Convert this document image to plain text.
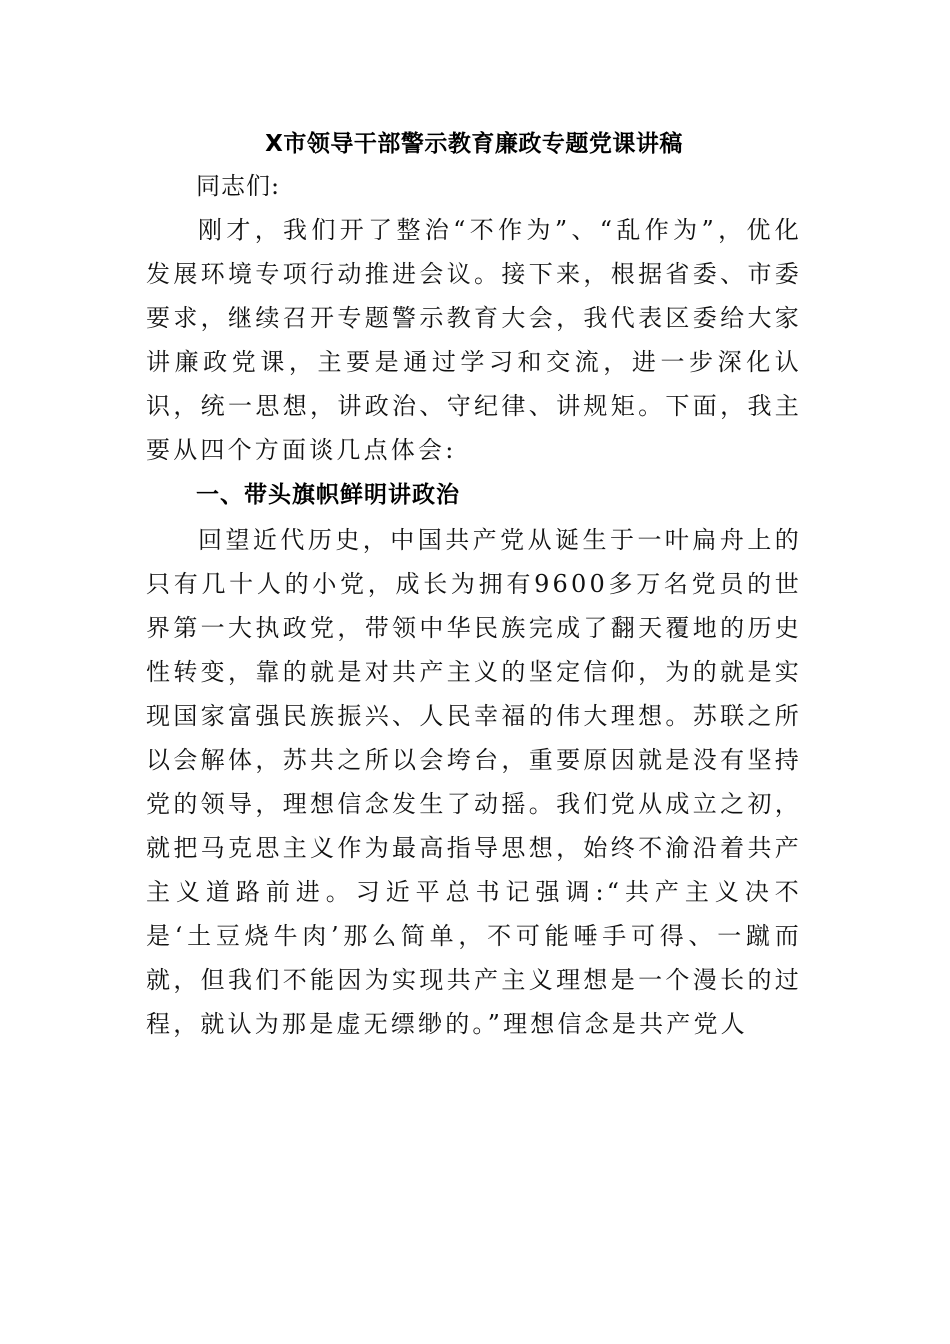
X市领导干部警示教育廉政专题党课讲稿

同志们:

刚才，我们开了整治“不作为”、“乱作为”，优化发展环境专项行动推进会议。接下来，根据省委、市委要求，继续召开专题警示教育大会，我代表区委给大家讲廉政党课，主要是通过学习和交流，进一步深化认识，统一思想，讲政治、守纪律、讲规矩。下面，我主要从四个方面谈几点体会:

一、带头旗帜鲜明讲政治

回望近代历史，中国共产党从诞生于一叶扁舟上的只有几十人的小党，成长为拥有9600多万名党员的世界第一大执政党，带领中华民族完成了翻天覆地的历史性转变，靠的就是对共产主义的坚定信仰，为的就是实现国家富强民族振兴、人民幸福的伟大理想。苏联之所以会解体，苏共之所以会垮台，重要原因就是没有坚持党的领导，理想信念发生了动摇。我们党从成立之初，就把马克思主义作为最高指导思想，始终不渝沿着共产主义道路前进。习近平总书记强调:“共产主义决不是‘土豆烧牛肉’那么简单，不可能唾手可得、一蹴而就，但我们不能因为实现共产主义理想是一个漫长的过程，就认为那是虚无缥缈的。”理想信念是共产党人
